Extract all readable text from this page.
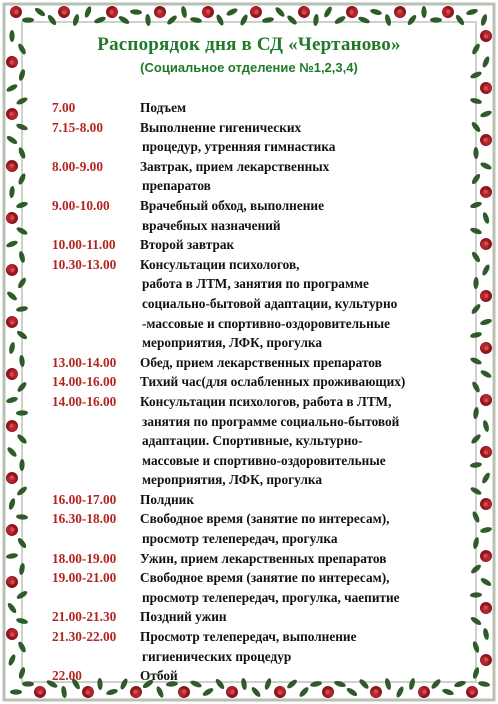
Распорядок дня в СД «Чертаново»
(Социальное отделение №1,2,3,4)
7.00	Подъем
7.15-8.00	Выполнение гигенических
процедур, утренняя гимнастика
8.00-9.00	Завтрак, прием лекарственных
препаратов
9.00-10.00	Врачебный обход, выполнение
врачебных назначений
10.00-11.00	Второй завтрак
10.30-13.00	Консультации психологов,
работа в ЛТМ, занятия по программе
социально-бытовой адаптации, культурно
-массовые и спортивно-оздоровительные
мероприятия, ЛФК, прогулка
13.00-14.00	Обед, прием лекарственных препаратов
14.00-16.00	Тихий час(для ослабленных проживающих)
14.00-16.00	Консультации психологов, работа в ЛТМ,
занятия по программе социально-бытовой
адаптации. Спортивные, культурно-
массовые и спортивно-оздоровительные
мероприятия, ЛФК, прогулка
16.00-17.00	Полдник
16.30-18.00	Свободное время (занятие по интересам),
просмотр телепередач, прогулка
18.00-19.00	Ужин, прием лекарственных препаратов
19.00-21.00	Свободное время (занятие по интересам),
просмотр телепередач, прогулка, чаепитие
21.00-21.30	Поздний ужин
21.30-22.00	Просмотр телепередач, выполнение
гигиенических процедур
22.00	Отбой
